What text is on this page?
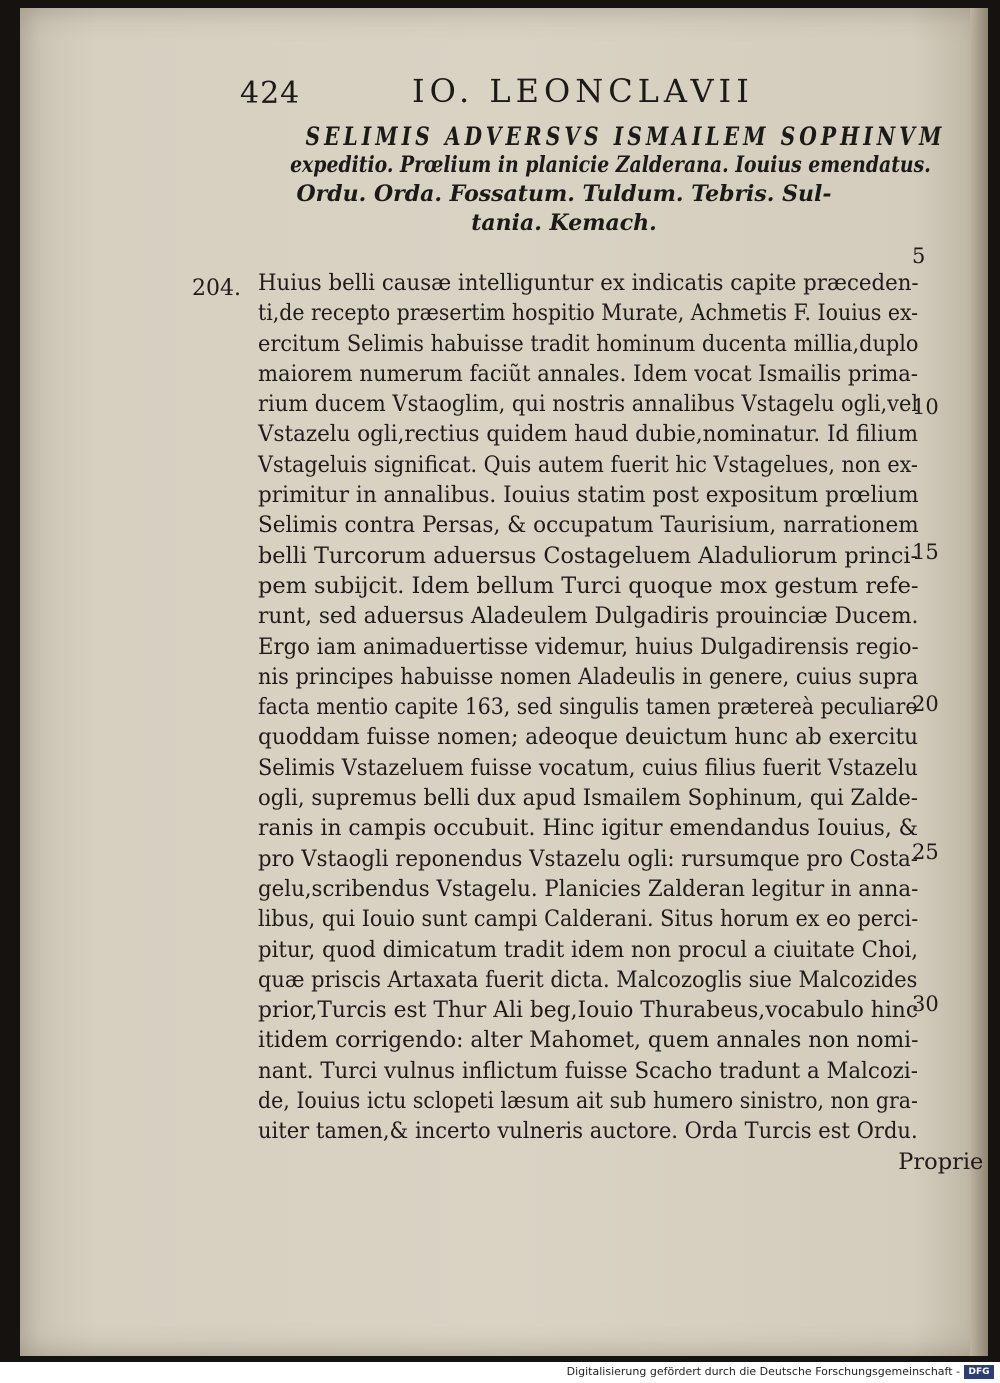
424	IO. LEONCLAVII
SELIMIS ADVERSVS ISMAILEM SOPHINVM
expeditio. Prœlium in planicie Zalderana. Iouius emendatus.
Ordu. Orda. Fossatum. Tuldum. Tebris. Sul-
tania. Kemach.
204.
5
10
15
20
25
30
Huius belli causæ intelliguntur ex indicatis capite præceden-
ti,de recepto præsertim hospitio Murate, Achmetis F. Iouius ex-
ercitum Selimis habuisse tradit hominum ducenta millia,duplo
maiorem numerum faciũt annales. Idem vocat Ismailis prima-
rium ducem Vstaoglim, qui nostris annalibus Vstagelu ogli,vel
Vstazelu ogli,rectius quidem haud dubie,nominatur. Id filium
Vstageluis significat. Quis autem fuerit hic Vstagelues, non ex-
primitur in annalibus. Iouius statim post expositum prœlium
Selimis contra Persas, & occupatum Taurisium, narrationem
belli Turcorum aduersus Costageluem Aladuliorum princi-
pem subijcit. Idem bellum Turci quoque mox gestum refe-
runt, sed aduersus Aladeulem Dulgadiris prouinciæ Ducem.
Ergo iam animaduertisse videmur, huius Dulgadirensis regio-
nis principes habuisse nomen Aladeulis in genere, cuius supra
facta mentio capite 163, sed singulis tamen prætereà peculiare
quoddam fuisse nomen; adeoque deuictum hunc ab exercitu
Selimis Vstazeluem fuisse vocatum, cuius filius fuerit Vstazelu
ogli, supremus belli dux apud Ismailem Sophinum, qui Zalde-
ranis in campis occubuit. Hinc igitur emendandus Iouius, &
pro Vstaogli reponendus Vstazelu ogli: rursumque pro Costa-
gelu,scribendus Vstagelu. Planicies Zalderan legitur in anna-
libus, qui Iouio sunt campi Calderani. Situs horum ex eo perci-
pitur, quod dimicatum tradit idem non procul a ciuitate Choi,
quæ priscis Artaxata fuerit dicta. Malcozoglis siue Malcozides
prior,Turcis est Thur Ali beg,Iouio Thurabeus,vocabulo hinc
itidem corrigendo: alter Mahomet, quem annales non nomi-
nant. Turci vulnus inflictum fuisse Scacho tradunt a Malcozi-
de, Iouius ictu sclopeti læsum ait sub humero sinistro, non gra-
uiter tamen,& incerto vulneris auctore. Orda Turcis est Ordu.
Proprie
Digitalisierung gefördert durch die Deutsche Forschungsgemeinschaft - DFG
